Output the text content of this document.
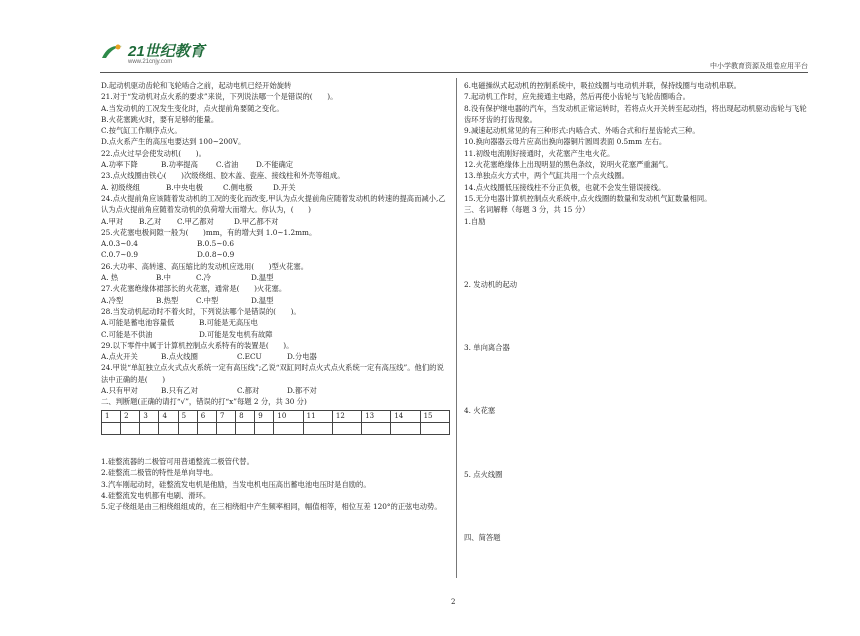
21世纪教育
www.21cnjy.com	中小学教育资源及组卷应用平台
D.起动机驱动齿轮和飞轮啮合之前，起动电机已经开始旋转
21.对于“发动机对点火系的要求”来说，下列说法哪一个是错误的(　　)。
A.当发动机的工况发生变化时，点火提前角要随之变化。
B.火花塞跳火时，要有足够的能量。
C.按气缸工作顺序点火。
D.点火系产生的高压电要达到 100~200V。
22.点火过早会使发动机(　　)。
A.功率下降	B.功率提高 C.省油 D.不能确定
23.点火线圈由铁心(　　)次级绕组、胶木盖、瓷座、接线柱和外壳等组成。
A. 初级绕组	B.中央电极	C.侧电极	D.开关
24.点火提前角应该随着发动机的工况的变化而改变,甲认为点火提前角应随着发动机的转速的提高而减小,乙认为点火提前角应随着发动机的负荷增大而增大。你认为，(　　)
A.甲对 B.乙对 C.甲乙都对	D.甲乙都不对
25.火花塞电极间隙一般为(　　)mm，有的增大到 1.0~1.2mm。
A.0.3~0.4	B.0.5~0.6
C.0.7~0.9	D.0.8~0.9
26.大功率、高转速、高压缩比的发动机应选用(　　)型火花塞。
A. 热	B.中	C.冷	D.温型
27.火花塞绝缘体裙部长的火花塞，通常是(　　)火花塞。
A.冷型	B.热型 C.中型	D.温型
28.当发动机起动时不着火时，下列说法哪个是错误的(　　)。
A.可能是蓄电池容量低	B.可能是无高压电
C.可能是不供油	D.可能是发电机有故障
29.以下零件中属于计算机控制点火系特有的装置是(　　)。
A.点火开关	B.点火线圈	C.ECU	D.分电器
24.甲说“单缸独立点火式点火系统一定有高压线”;乙说“双缸同时点火式点火系统一定有高压线”。他们的说法中正确的是(　　)
A.只有甲对	B.只有乙对	C.都对	D.都不对
二、判断题(正确的请打“√”，错误的打“x”每题 2 分，共 30 分)
1	2	3	4	5	6	7	8	9	10	11	12	13	14	15

1.硅整流器的二极管可用普通整流二极管代替。
2.硅整流二极管的特性是单向导电。
3.汽车刚起动时，硅整流发电机是他励，当发电机电压高出蓄电池电压时是自励的。
4.硅整流发电机都有电刷、滑环。
5.定子绕组是由三相绕组组成的，在三相绕组中产生频率相同，幅值相等，相位互差 120°的正弦电动势。
6.电磁操纵式起动机的控制系统中，吸拉线圈与电动机并联，保持线圈与电动机串联。
7.起动机工作时，应先接通主电路，然后再使小齿轮与飞轮齿圈啮合。
8.没有保护继电器的汽车，当发动机正常运转时，若将点火开关转至起动挡，将出现起动机驱动齿轮与飞轮齿环牙齿的打齿现象。
9.减速起动机常见的有三种形式:内啮合式、外啮合式和行星齿轮式三种。
10.换向器器云母片应高出换向器铜片圆周表面 0.5mm 左右。
11.初级电流刚好接通时，火花塞产生电火花。
12.火花塞绝缘体上出现明显的黑色条纹，说明火花塞严重漏气。
13.单独点火方式中，两个气缸共用一个点火线圈。
14.点火线圈低压接线柱不分正负极，也就不会发生错误接线。
15.无分电器计算机控制点火系统中,点火线圈的数量和发动机气缸数量相同。
三、名词解释（每题 3 分，共 15 分）
1.自励
2. 发动机的起动
3. 单向离合器
4. 火花塞
5. 点火线圈
四、简答题
2
